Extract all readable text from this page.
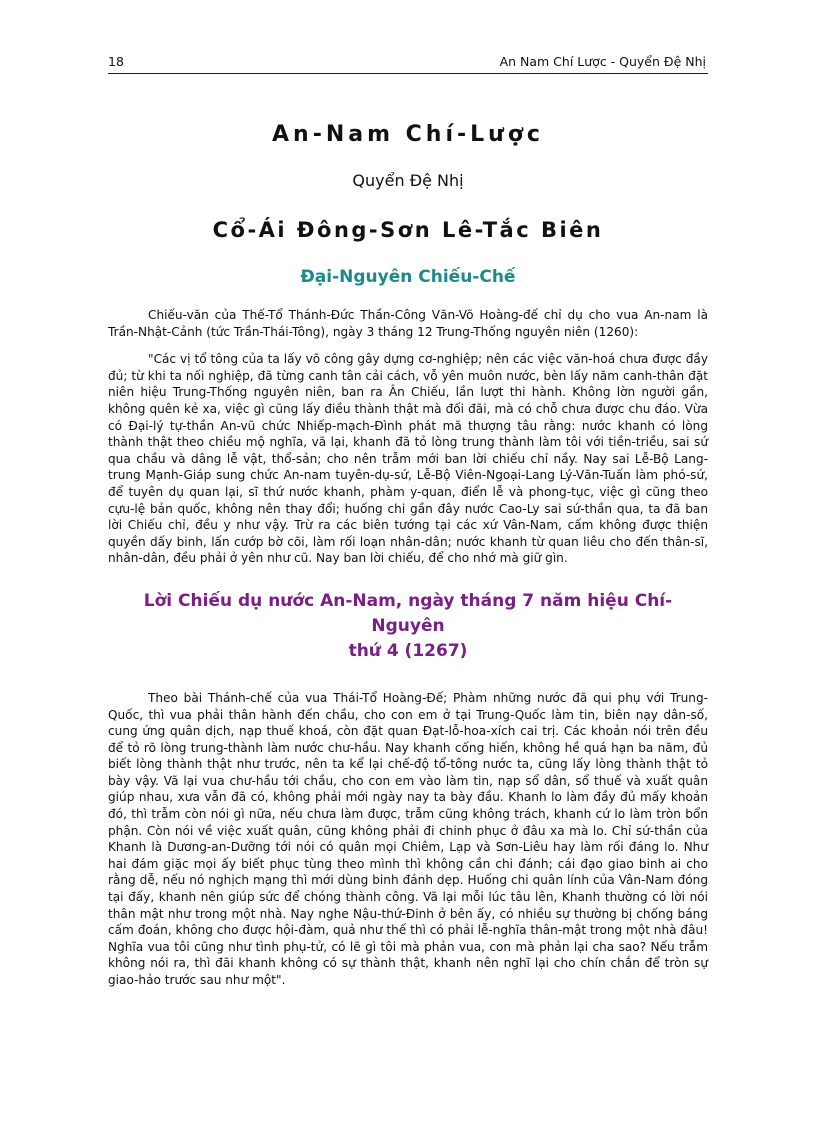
18	An Nam Chí Lược - Quyển Đệ Nhị
An-Nam Chí-Lược
Quyển Đệ Nhị
Cổ-Ái Đông-Sơn Lê-Tắc Biên
Đại-Nguyên Chiếu-Chế

Chiếu-văn của Thế-Tổ Thánh-Đức Thần-Công Văn-Võ Hoàng-đế chỉ dụ cho vua An-nam là Trần-Nhật-Cảnh (tức Trần-Thái-Tông), ngày 3 tháng 12 Trung-Thống nguyên niên (1260):

"Các vị tổ tông của ta lấy võ công gây dựng cơ-nghiệp; nên các việc văn-hoá chưa được đầy đủ; từ khi ta nối nghiệp, đã từng canh tân cải cách, vỗ yên muôn nước, bèn lấy năm canh-thân đặt niên hiệu Trung-Thống nguyên niên, ban ra Ân Chiếu, lần lượt thi hành. Không lờn người gần, không quên kẻ xa, việc gì cũng lấy điều thành thật mà đối đãi, mà có chỗ chưa được chu đáo. Vừa có Đại-lý tự-thần An-vũ chức Nhiếp-mạch-Đình phát mã thượng tâu rằng: nước khanh có lòng thành thật theo chiều mộ nghĩa, vã lại, khanh đã tỏ lòng trung thành làm tôi với tiền-triều, sai sứ qua chầu và dâng lễ vật, thổ-sản; cho nên trẫm mới ban lời chiếu chỉ nầy. Nay sai Lễ-Bộ Lang-trung Mạnh-Giáp sung chức An-nam tuyên-dụ-sứ, Lễ-Bộ Viên-Ngoại-Lang Lý-Văn-Tuấn làm phó-sứ, để tuyên dụ quan lại, sĩ thứ nước khanh, phàm y-quan, điển lễ và phong-tục, việc gì cũng theo cựu-lệ bản quốc, không nên thay đổi; huống chi gần đây nước Cao-Ly sai sứ-thần qua, ta đã ban lời Chiếu chỉ, đều y như vậy. Trừ ra các biên tướng tại các xứ Vân-Nam, cấm không được thiện quyền dấy binh, lấn cướp bờ cõi, làm rối loạn nhân-dân; nước khanh từ quan liêu cho đến thân-sĩ, nhân-dân, đều phải ở yên như cũ. Nay ban lời chiếu, để cho nhớ mà giữ gìn.

Lời Chiếu dụ nước An-Nam, ngày tháng 7 năm hiệu Chí-Nguyên
thứ 4 (1267)

Theo bài Thánh-chế của vua Thái-Tổ Hoàng-Đế; Phàm những nước đã qui phụ với Trung-Quốc, thì vua phải thân hành đến chầu, cho con em ở tại Trung-Quốc làm tin, biên nạy dân-số, cung ứng quân dịch, nạp thuế khoá, còn đặt quan Đạt-lỗ-hoa-xích cai trị. Các khoản nói trên đều để tỏ rõ lòng trung-thành làm nước chư-hầu. Nay khanh cống hiến, không hề quá hạn ba năm, đủ biết lòng thành thật như trước, nên ta kể lại chế-độ tổ-tông nước ta, cũng lấy lòng thành thật tỏ bày vậy. Vã lại vua chư-hầu tới chầu, cho con em vào làm tin, nạp sổ dân, sổ thuế và xuất quân giúp nhau, xưa vẫn đã có, không phải mới ngày nay ta bày đầu. Khanh lo làm đầy đủ mấy khoản đó, thì trẫm còn nói gì nữa, nếu chưa làm được, trẫm cũng không trách, khanh cứ lo làm tròn bổn phận. Còn nói về việc xuất quân, cũng không phải đi chinh phục ở đâu xa mà lo. Chỉ sứ-thần của Khanh là Dương-an-Dưỡng tới nói có quân mọi Chiêm, Lạp và Sơn-Liêu hay làm rối đáng lo. Như hai đám giặc mọi ấy biết phục tùng theo mình thì không cần chi đánh; cái đạo giao binh ai cho rằng dễ, nếu nó nghịch mạng thì mới dùng binh đánh dẹp. Huống chi quân lính của Vân-Nam đóng tại đấy, khanh nên giúp sức để chóng thành công. Vã lại mỗi lúc tâu lên, Khanh thường có lời nói thân mật như trong một nhà. Nay nghe Nậu-thứ-Đinh ở bên ấy, có nhiều sự thường bị chống báng cấm đoán, không cho được hội-đàm, quả như thế thì có phải lễ-nghĩa thân-mật trong một nhà đâu! Nghĩa vua tôi cũng như tình phụ-tử, có lẽ gì tôi mà phản vua, con mà phản lại cha sao? Nếu trẫm không nói ra, thì đãi khanh không có sự thành thật, khanh nên nghĩ lại cho chín chắn để tròn sự giao-hảo trước sau như một".
